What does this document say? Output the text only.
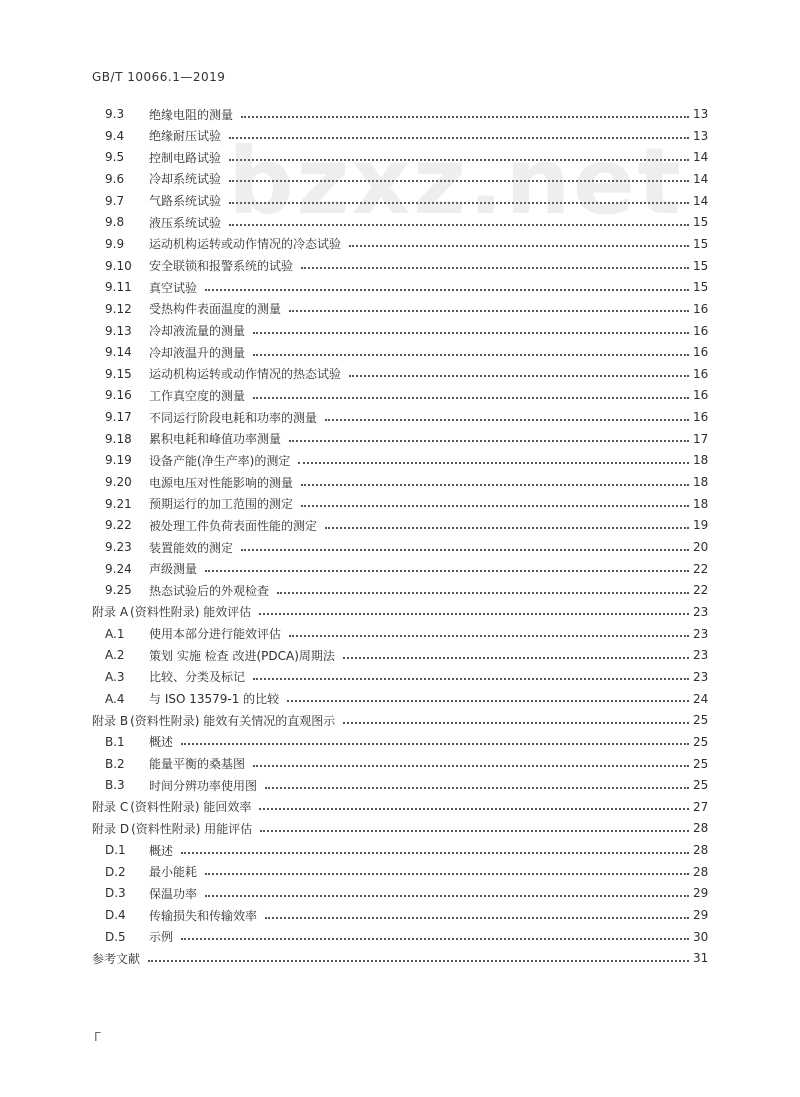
GB/T 10066.1—2019
bzxz.net
9.3	绝缘电阻的测量	13
9.4	绝缘耐压试验	13
9.5	控制电路试验	14
9.6	冷却系统试验	14
9.7	气路系统试验	14
9.8	液压系统试验	15
9.9	运动机构运转或动作情况的冷态试验	15
9.10	安全联锁和报警系统的试验	15
9.11	真空试验	15
9.12	受热构件表面温度的测量	16
9.13	冷却液流量的测量	16
9.14	冷却液温升的测量	16
9.15	运动机构运转或动作情况的热态试验	16
9.16	工作真空度的测量	16
9.17	不同运行阶段电耗和功率的测量	16
9.18	累积电耗和峰值功率测量	17
9.19	设备产能(净生产率)的测定	18
9.20	电源电压对性能影响的测量	18
9.21	预期运行的加工范围的测定	18
9.22	被处理工件负荷表面性能的测定	19
9.23	装置能效的测定	20
9.24	声级测量	22
9.25	热态试验后的外观检查	22
附录 A (资料性附录) 能效评估	23
A.1	使用本部分进行能效评估	23
A.2	策划 实施 检查 改进(PDCA)周期法	23
A.3	比较、分类及标记	23
A.4	与 ISO 13579-1 的比较	24
附录 B (资料性附录) 能效有关情况的直观图示	25
B.1	概述	25
B.2	能量平衡的桑基图	25
B.3	时间分辨功率使用图	25
附录 C (资料性附录) 能回效率	27
附录 D (资料性附录) 用能评估	28
D.1	概述	28
D.2	最小能耗	28
D.3	保温功率	29
D.4	传输损失和传输效率	29
D.5	示例	30
参考文献	31
Γ
